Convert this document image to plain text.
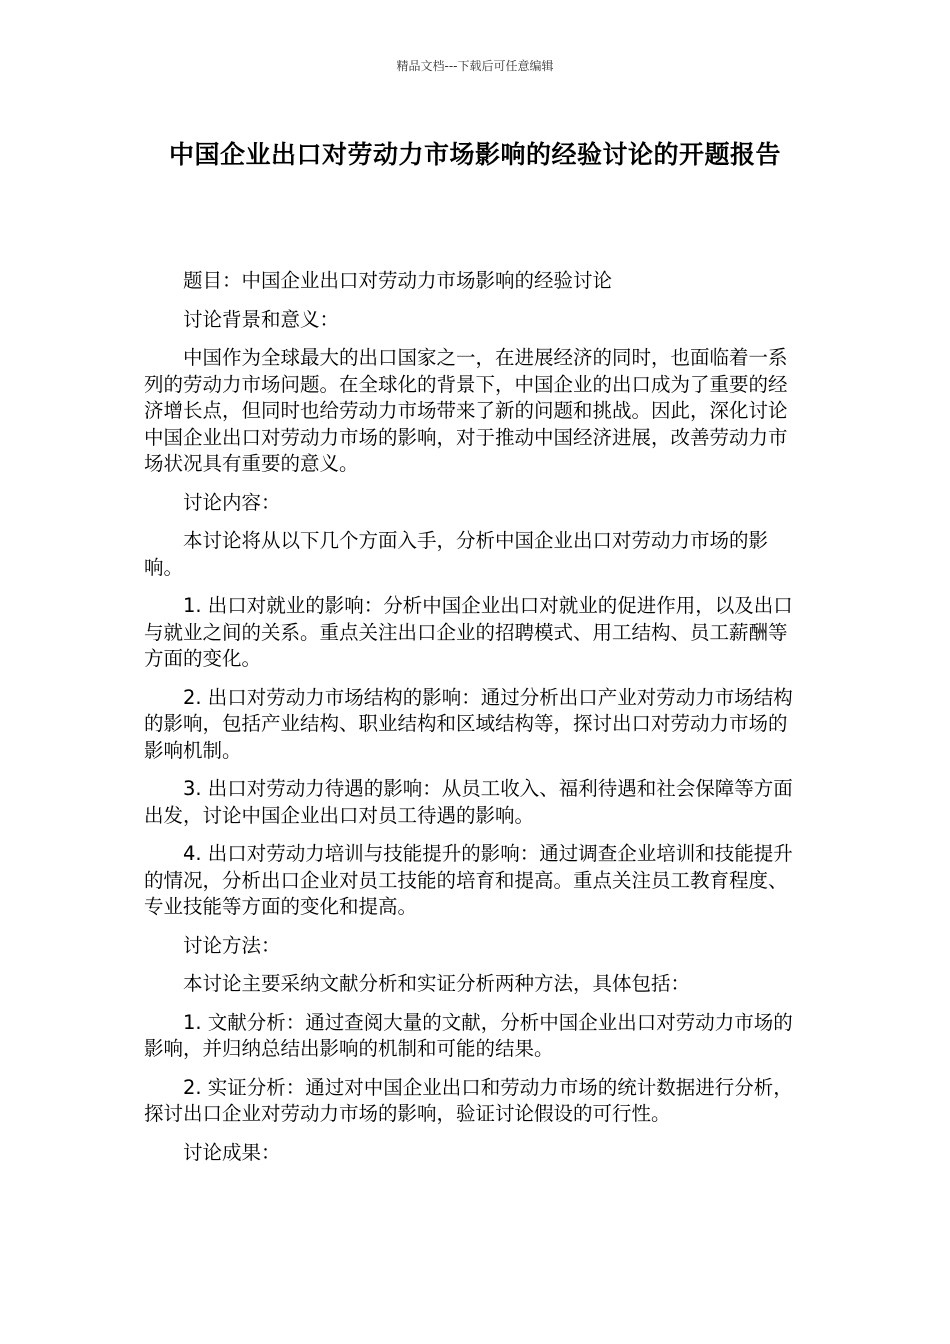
精品文档---下载后可任意编辑
中国企业出口对劳动力市场影响的经验讨论的开题报告

题目：中国企业出口对劳动力市场影响的经验讨论

讨论背景和意义：

中国作为全球最大的出口国家之一，在进展经济的同时，也面临着一系列的劳动力市场问题。在全球化的背景下，中国企业的出口成为了重要的经济增长点，但同时也给劳动力市场带来了新的问题和挑战。因此，深化讨论中国企业出口对劳动力市场的影响，对于推动中国经济进展，改善劳动力市场状况具有重要的意义。

讨论内容：

本讨论将从以下几个方面入手，分析中国企业出口对劳动力市场的影响。

1. 出口对就业的影响：分析中国企业出口对就业的促进作用，以及出口与就业之间的关系。重点关注出口企业的招聘模式、用工结构、员工薪酬等方面的变化。

2. 出口对劳动力市场结构的影响：通过分析出口产业对劳动力市场结构的影响，包括产业结构、职业结构和区域结构等，探讨出口对劳动力市场的影响机制。

3. 出口对劳动力待遇的影响：从员工收入、福利待遇和社会保障等方面出发，讨论中国企业出口对员工待遇的影响。

4. 出口对劳动力培训与技能提升的影响：通过调查企业培训和技能提升的情况，分析出口企业对员工技能的培育和提高。重点关注员工教育程度、专业技能等方面的变化和提高。

讨论方法：

本讨论主要采纳文献分析和实证分析两种方法，具体包括：

1. 文献分析：通过查阅大量的文献，分析中国企业出口对劳动力市场的影响，并归纳总结出影响的机制和可能的结果。

2. 实证分析：通过对中国企业出口和劳动力市场的统计数据进行分析，探讨出口企业对劳动力市场的影响，验证讨论假设的可行性。

讨论成果：
